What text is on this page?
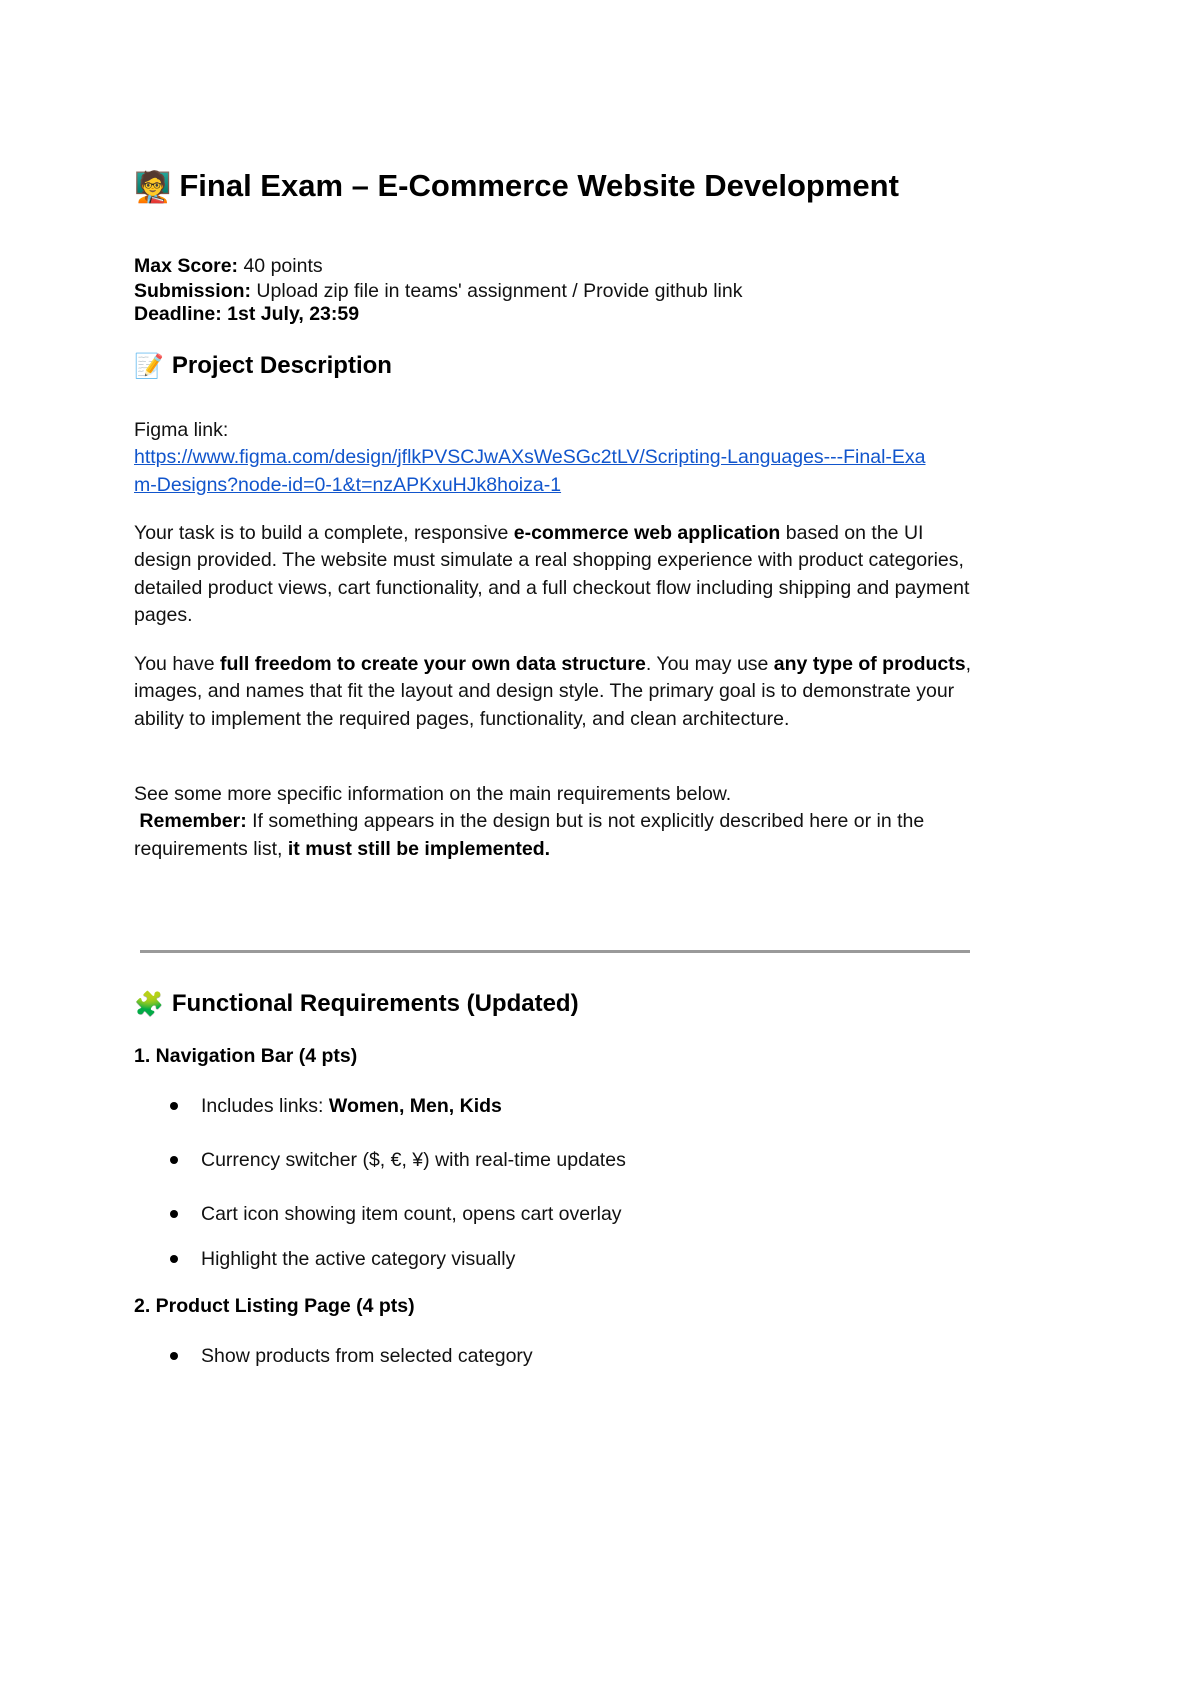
🧑‍🏫 Final Exam – E-Commerce Website Development
Max Score: 40 points
Submission: Upload zip file in teams' assignment / Provide github link
Deadline: 1st July, 23:59
📝 Project Description
Figma link:
https://www.figma.com/design/jflkPVSCJwAXsWeSGc2tLV/Scripting-Languages---Final-Exa
m-Designs?node-id=0-1&t=nzAPKxuHJk8hoiza-1
Your task is to build a complete, responsive e-commerce web application based on the UI design provided. The website must simulate a real shopping experience with product categories, detailed product views, cart functionality, and a full checkout flow including shipping and payment pages.
You have full freedom to create your own data structure. You may use any type of products, images, and names that fit the layout and design style. The primary goal is to demonstrate your ability to implement the required pages, functionality, and clean architecture.
See some more specific information on the main requirements below.
Remember: If something appears in the design but is not explicitly described here or in the requirements list, it must still be implemented.
🧩 Functional Requirements (Updated)
1. Navigation Bar (4 pts)
Includes links: Women, Men, Kids
Currency switcher ($, €, ¥) with real-time updates
Cart icon showing item count, opens cart overlay
Highlight the active category visually
2. Product Listing Page (4 pts)
Show products from selected category
